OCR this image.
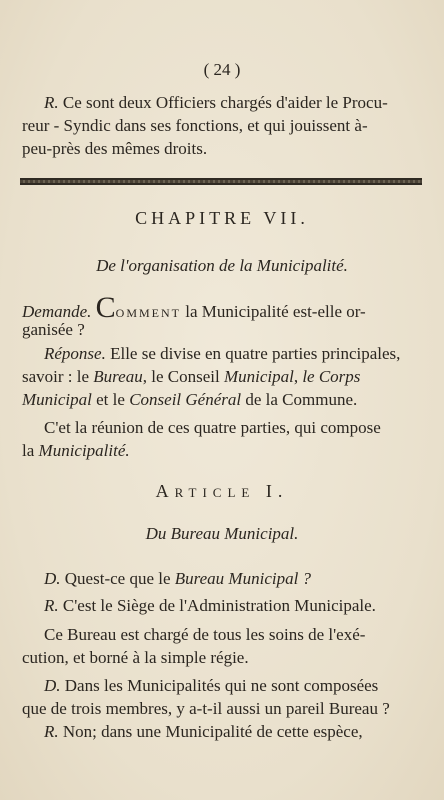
( 24 )
R. Ce sont deux Officiers chargés d'aider le Procu-
reur - Syndic dans ses fonctions, et qui jouissent à-
peu-près des mêmes droits.
CHAPITRE VII.
De l'organisation de la Municipalité.
Demande. COMMENT la Municipalité est-elle or-
ganisée ?
Réponse. Elle se divise en quatre parties principales,
savoir : le Bureau, le Conseil Municipal, le Corps
Municipal et le Conseil Général de la Commune.
C'et la réunion de ces quatre parties, qui compose
la Municipalité.
ARTICLE I.
Du Bureau Municipal.
D. Quest-ce que le Bureau Municipal ?
R. C'est le Siège de l'Administration Municipale.
Ce Bureau est chargé de tous les soins de l'exé-
cution, et borné à la simple régie.
D. Dans les Municipalités qui ne sont composées
que de trois membres, y a-t-il aussi un pareil Bureau ?
R. Non; dans une Municipalité de cette espèce,
